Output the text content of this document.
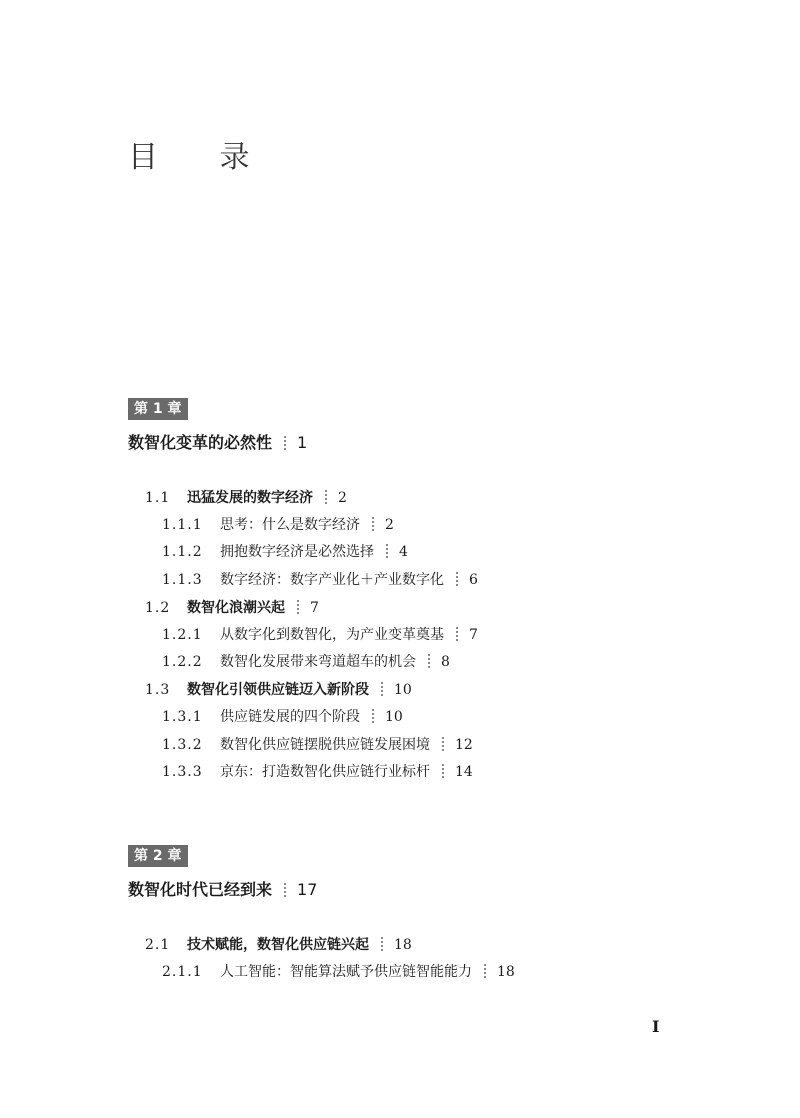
目 录
第 1 章
数智化变革的必然性 1
1.1 迅猛发展的数字经济 2
1.1.1 思考：什么是数字经济 2
1.1.2 拥抱数字经济是必然选择 4
1.1.3 数字经济：数字产业化＋产业数字化 6
1.2 数智化浪潮兴起 7
1.2.1 从数字化到数智化，为产业变革奠基 7
1.2.2 数智化发展带来弯道超车的机会 8
1.3 数智化引领供应链迈入新阶段 10
1.3.1 供应链发展的四个阶段 10
1.3.2 数智化供应链摆脱供应链发展困境 12
1.3.3 京东：打造数智化供应链行业标杆 14
第 2 章
数智化时代已经到来 17
2.1 技术赋能，数智化供应链兴起 18
2.1.1 人工智能：智能算法赋予供应链智能能力 18
I
